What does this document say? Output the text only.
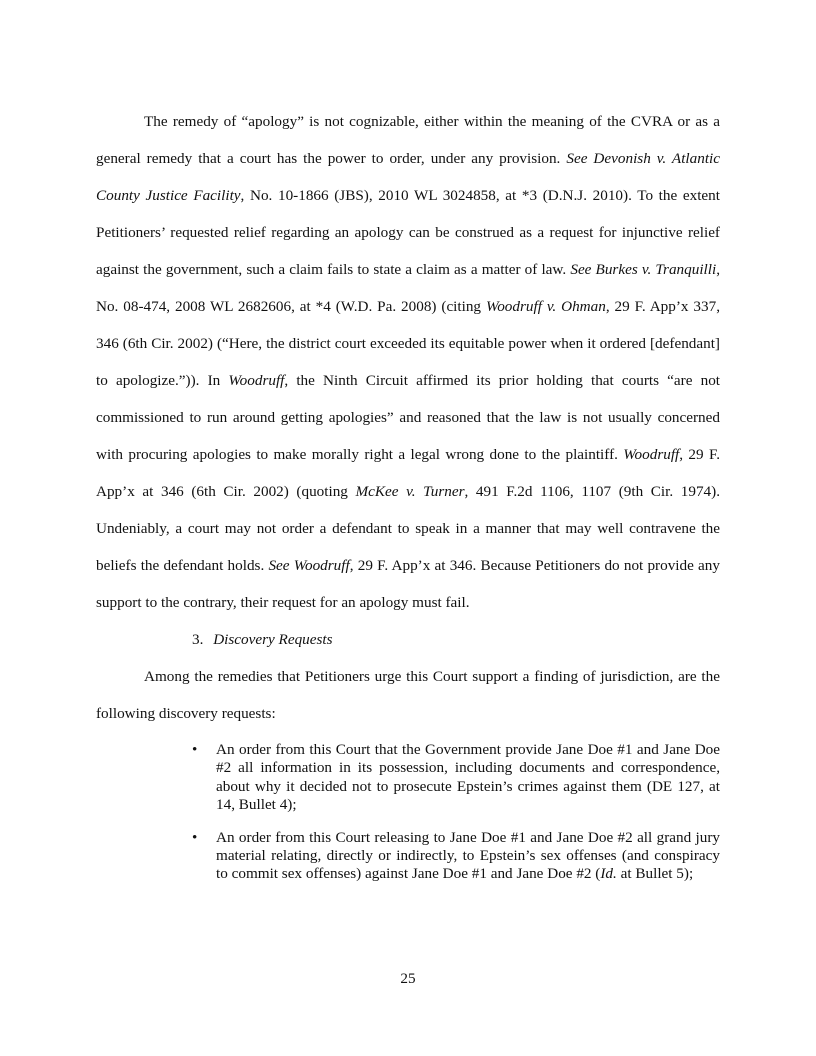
The remedy of “apology” is not cognizable, either within the meaning of the CVRA or as a general remedy that a court has the power to order, under any provision. See Devonish v. Atlantic County Justice Facility, No. 10-1866 (JBS), 2010 WL 3024858, at *3 (D.N.J. 2010). To the extent Petitioners’ requested relief regarding an apology can be construed as a request for injunctive relief against the government, such a claim fails to state a claim as a matter of law. See Burkes v. Tranquilli, No. 08-474, 2008 WL 2682606, at *4 (W.D. Pa. 2008) (citing Woodruff v. Ohman, 29 F. App’x 337, 346 (6th Cir. 2002) (“Here, the district court exceeded its equitable power when it ordered [defendant] to apologize.”)). In Woodruff, the Ninth Circuit affirmed its prior holding that courts “are not commissioned to run around getting apologies” and reasoned that the law is not usually concerned with procuring apologies to make morally right a legal wrong done to the plaintiff. Woodruff, 29 F. App’x at 346 (6th Cir. 2002) (quoting McKee v. Turner, 491 F.2d 1106, 1107 (9th Cir. 1974). Undeniably, a court may not order a defendant to speak in a manner that may well contravene the beliefs the defendant holds. See Woodruff, 29 F. App’x at 346. Because Petitioners do not provide any support to the contrary, their request for an apology must fail.

3. Discovery Requests

Among the remedies that Petitioners urge this Court support a finding of jurisdiction, are the following discovery requests:

• An order from this Court that the Government provide Jane Doe #1 and Jane Doe #2 all information in its possession, including documents and correspondence, about why it decided not to prosecute Epstein’s crimes against them (DE 127, at 14, Bullet 4);
• An order from this Court releasing to Jane Doe #1 and Jane Doe #2 all grand jury material relating, directly or indirectly, to Epstein’s sex offenses (and conspiracy to commit sex offenses) against Jane Doe #1 and Jane Doe #2 (Id. at Bullet 5);
25
